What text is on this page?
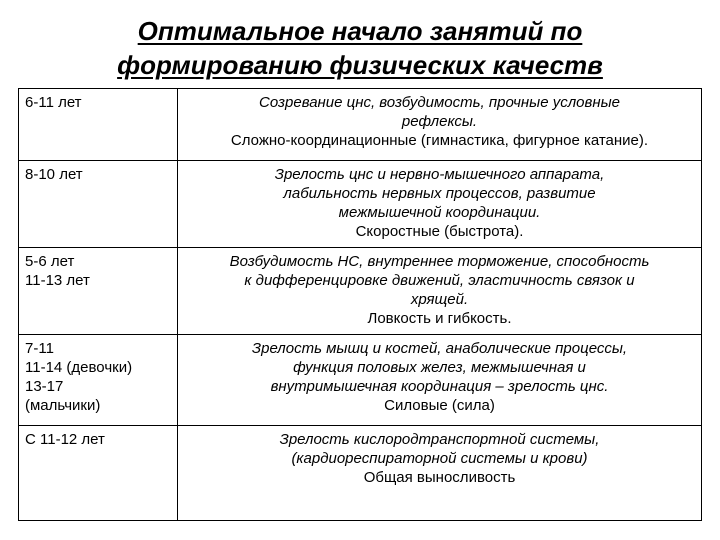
Оптимальное начало занятий по
формированию физических качеств
6-11 лет	Созревание цнс, возбудимость, прочные условные
рефлексы.
Сложно-координационные (гимнастика, фигурное катание).

8-10 лет	Зрелость цнс и нервно-мышечного аппарата,
лабильность нервных процессов, развитие
межмышечной координации.
Скоростные (быстрота).

5-6 лет
11-13 лет	Возбудимость НС, внутреннее торможение, способность
к дифференцировке движений, эластичность связок и
хрящей.
Ловкость и гибкость.

7-11
11-14 (девочки)
13-17
(мальчики)	Зрелость мышц и костей, анаболические процессы,
функция половых желез, межмышечная и
внутримышечная координация – зрелость цнс.
Силовые (сила)

С 11-12 лет	Зрелость кислородтранспортной системы,
(кардиореспираторной системы и крови)
Общая выносливость
